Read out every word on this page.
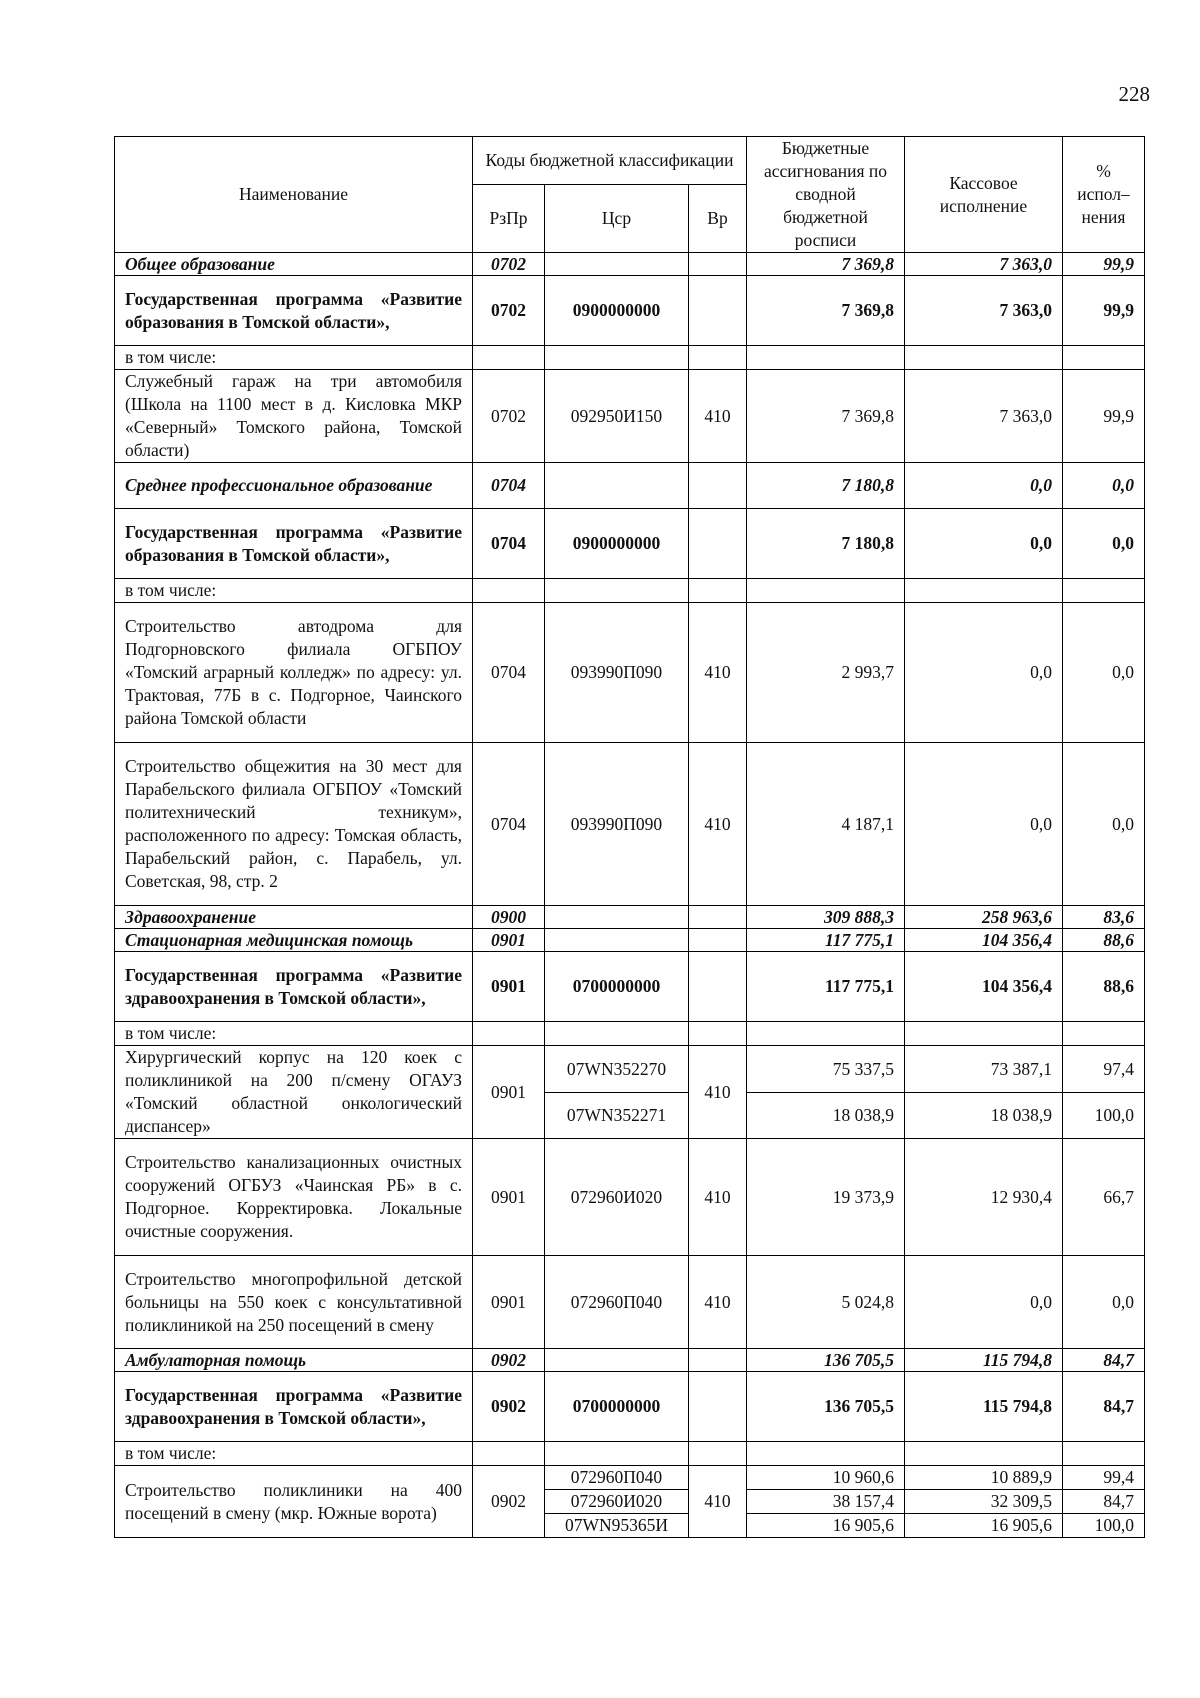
228
Наименование	Коды бюджетной классификации			Бюджетные ассигнования по сводной бюджетной росписи	Кассовое исполнение	% испол– нения
	РзПр	Цср	Вр			
Общее образование	0702			7 369,8	7 363,0	99,9
Государственная программа «Развитие образования в Томской области»,	0702	0900000000		7 369,8	7 363,0	99,9
в том числе:						
Служебный гараж на три автомобиля (Школа на 1100 мест в д. Кисловка МКР «Северный» Томского района, Томской области)	0702	092950И150	410	7 369,8	7 363,0	99,9
Среднее профессиональное образование	0704			7 180,8	0,0	0,0
Государственная программа «Развитие образования в Томской области»,	0704	0900000000		7 180,8	0,0	0,0
в том числе:						
Строительство автодрома для Подгорновского филиала ОГБПОУ «Томский аграрный колледж» по адресу: ул. Трактовая, 77Б в с. Подгорное, Чаинского района Томской области	0704	093990П090	410	2 993,7	0,0	0,0
Строительство общежития на 30 мест для Парабельского филиала ОГБПОУ «Томский политехнический техникум», расположенного по адресу: Томская область, Парабельский район, с. Парабель, ул. Советская, 98, стр. 2	0704	093990П090	410	4 187,1	0,0	0,0
Здравоохранение	0900			309 888,3	258 963,6	83,6
Стационарная медицинская помощь	0901			117 775,1	104 356,4	88,6
Государственная программа «Развитие здравоохранения в Томской области»,	0901	0700000000		117 775,1	104 356,4	88,6
в том числе:						
Хирургический корпус на 120 коек с поликлиникой на 200 п/смену ОГАУЗ «Томский областной онкологический диспансер»	0901	07WN352270	410	75 337,5	73 387,1	97,4
		07WN352271		18 038,9	18 038,9	100,0
Строительство канализационных очистных сооружений ОГБУЗ «Чаинская РБ» в с. Подгорное. Корректировка. Локальные очистные сооружения.	0901	072960И020	410	19 373,9	12 930,4	66,7
Строительство многопрофильной детской больницы на 550 коек с консультативной поликлиникой на 250 посещений в смену	0901	072960П040	410	5 024,8	0,0	0,0
Амбулаторная помощь	0902			136 705,5	115 794,8	84,7
Государственная программа «Развитие здравоохранения в Томской области»,	0902	0700000000		136 705,5	115 794,8	84,7
в том числе:						
Строительство поликлиники на 400 посещений в смену (мкр. Южные ворота)	0902	072960П040	410	10 960,6	10 889,9	99,4
		072960И020		38 157,4	32 309,5	84,7
		07WN95365И		16 905,6	16 905,6	100,0
